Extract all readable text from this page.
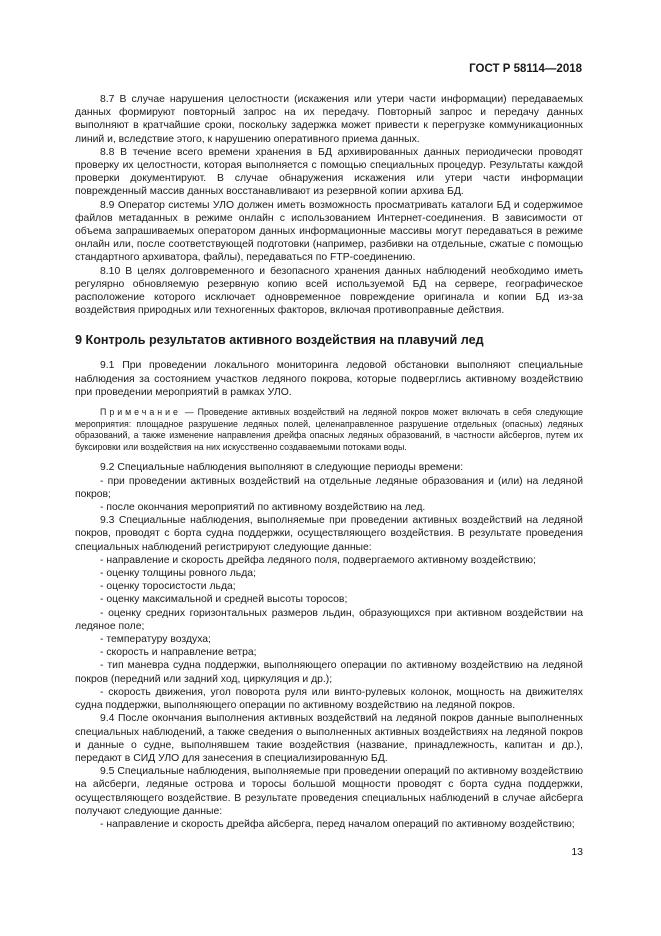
ГОСТ Р 58114—2018

8.7 В случае нарушения целостности (искажения или утери части информации) передаваемых данных формируют повторный запрос на их передачу. Повторный запрос и передачу данных выполняют в кратчайшие сроки, поскольку задержка может привести к перегрузке коммуникационных линий и, вследствие этого, к нарушению оперативного приема данных.

8.8 В течение всего времени хранения в БД архивированных данных периодически проводят проверку их целостности, которая выполняется с помощью специальных процедур. Результаты каждой проверки документируют. В случае обнаружения искажения или утери части информации поврежденный массив данных восстанавливают из резервной копии архива БД.

8.9 Оператор системы УЛО должен иметь возможность просматривать каталоги БД и содержимое файлов метаданных в режиме онлайн с использованием Интернет-соединения. В зависимости от объема запрашиваемых оператором данных информационные массивы могут передаваться в режиме онлайн или, после соответствующей подготовки (например, разбивки на отдельные, сжатые с помощью стандартного архиватора, файлы), передаваться по FTP-соединению.

8.10 В целях долговременного и безопасного хранения данных наблюдений необходимо иметь регулярно обновляемую резервную копию всей используемой БД на сервере, географическое расположение которого исключает одновременное повреждение оригинала и копии БД из-за воздействия природных или техногенных факторов, включая противоправные действия.

9 Контроль результатов активного воздействия на плавучий лед

9.1 При проведении локального мониторинга ледовой обстановки выполняют специальные наблюдения за состоянием участков ледяного покрова, которые подверглись активному воздействию при проведении мероприятий в рамках УЛО.

Примечание — Проведение активных воздействий на ледяной покров может включать в себя следующие мероприятия: площадное разрушение ледяных полей, целенаправленное разрушение отдельных (опасных) ледяных образований, а также изменение направления дрейфа опасных ледяных образований, в частности айсбергов, путем их буксировки или воздействия на них искусственно создаваемыми потоками воды.

9.2 Специальные наблюдения выполняют в следующие периоды времени:

- при проведении активных воздействий на отдельные ледяные образования и (или) на ледяной покров;

- после окончания мероприятий по активному воздействию на лед.

9.3 Специальные наблюдения, выполняемые при проведении активных воздействий на ледяной покров, проводят с борта судна поддержки, осуществляющего воздействия. В результате проведения специальных наблюдений регистрируют следующие данные:

- направление и скорость дрейфа ледяного поля, подвергаемого активному воздействию;

- оценку толщины ровного льда;

- оценку торосистости льда;

- оценку максимальной и средней высоты торосов;

- оценку средних горизонтальных размеров льдин, образующихся при активном воздействии на ледяное поле;

- температуру воздуха;

- скорость и направление ветра;

- тип маневра судна поддержки, выполняющего операции по активному воздействию на ледяной покров (передний или задний ход, циркуляция и др.);

- скорость движения, угол поворота руля или винто-рулевых колонок, мощность на движителях судна поддержки, выполняющего операции по активному воздействию на ледяной покров.

9.4 После окончания выполнения активных воздействий на ледяной покров данные выполненных специальных наблюдений, а также сведения о выполненных активных воздействиях на ледяной покров и данные о судне, выполнявшем такие воздействия (название, принадлежность, капитан и др.), передают в СИД УЛО для занесения в специализированную БД.

9.5 Специальные наблюдения, выполняемые при проведении операций по активному воздействию на айсберги, ледяные острова и торосы большой мощности проводят с борта судна поддержки, осуществляющего воздействие. В результате проведения специальных наблюдений в случае айсберга получают следующие данные:

- направление и скорость дрейфа айсберга, перед началом операций по активному воздействию;

13
